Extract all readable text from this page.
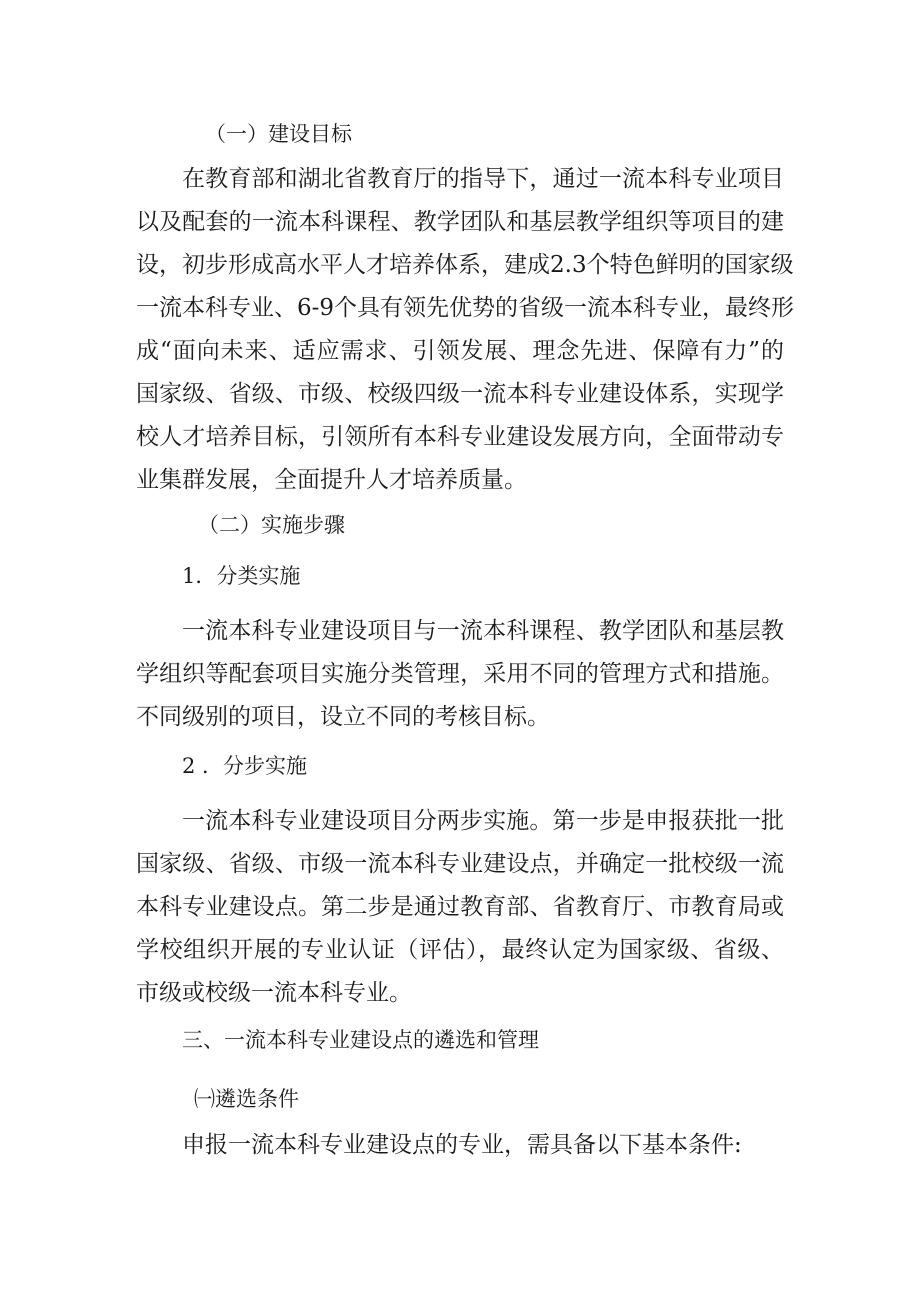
（一）建设目标
在教育部和湖北省教育厅的指导下，通过一流本科专业项目
以及配套的一流本科课程、教学团队和基层教学组织等项目的建
设，初步形成高水平人才培养体系，建成2.3个特色鲜明的国家级
一流本科专业、6-9个具有领先优势的省级一流本科专业，最终形
成“面向未来、适应需求、引领发展、理念先进、保障有力”的
国家级、省级、市级、校级四级一流本科专业建设体系，实现学
校人才培养目标，引领所有本科专业建设发展方向，全面带动专
业集群发展，全面提升人才培养质量。
（二）实施步骤
1．分类实施
一流本科专业建设项目与一流本科课程、教学团队和基层教
学组织等配套项目实施分类管理，采用不同的管理方式和措施。
不同级别的项目，设立不同的考核目标。
2 ．分步实施
一流本科专业建设项目分两步实施。第一步是申报获批一批
国家级、省级、市级一流本科专业建设点，并确定一批校级一流
本科专业建设点。第二步是通过教育部、省教育厅、市教育局或
学校组织开展的专业认证（评估），最终认定为国家级、省级、
市级或校级一流本科专业。
三、一流本科专业建设点的遴选和管理
㈠遴选条件
申报一流本科专业建设点的专业，需具备以下基本条件:
